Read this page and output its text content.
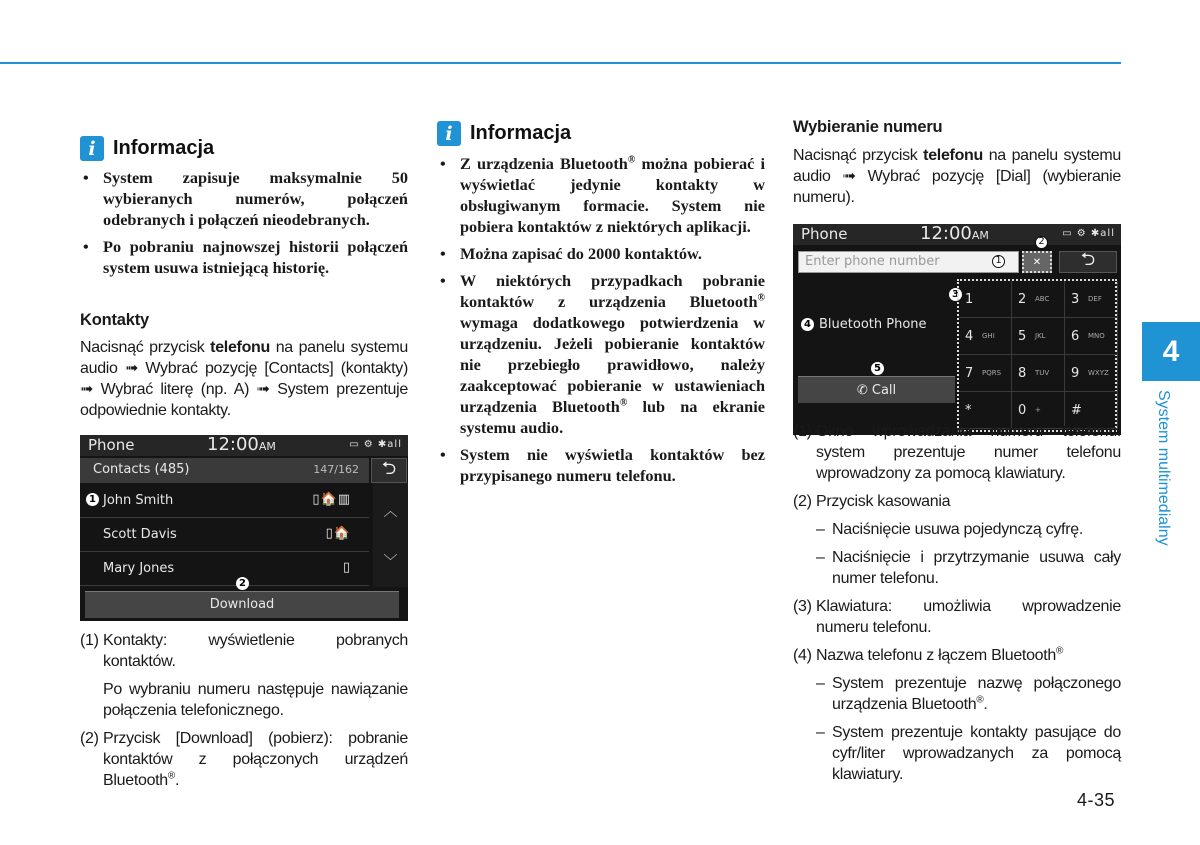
i Informacja
• System zapisuje maksymalnie 50 wybieranych numerów, połączeń odebranych i połączeń nieodebranych.
• Po pobraniu najnowszej historii połączeń system usuwa istniejącą historię.
Kontakty
Nacisnąć przycisk telefonu na panelu systemu audio ➟ Wybrać pozycję [Contacts] (kontakty) ➟ Wybrać literę (np. A) ➟ System prezentuje odpowiednie kontakty.
Phone	12:00AM	▭ ⚙ ✱all
Contacts (485)	147/162	⮌
John Smith	▯🏠▥
Scott Davis	▯🏠
Mary Jones	▯
︿
﹀
Download
1
2
(1) Kontakty: wyświetlenie pobranych kontaktów.
Po wybraniu numeru następuje nawiązanie połączenia telefonicznego.
(2) Przycisk [Download] (pobierz): pobranie kontaktów z połączonych urządzeń Bluetooth®.
i Informacja
• Z urządzenia Bluetooth® można pobierać i wyświetlać jedynie kontakty w obsługiwanym formacie. System nie pobiera kontaktów z niektórych aplikacji.
• Można zapisać do 2000 kontaktów.
• W niektórych przypadkach pobranie kontaktów z urządzenia Bluetooth® wymaga dodatkowego potwierdzenia w urządzeniu. Jeżeli pobieranie kontaktów nie przebiegło prawidłowo, należy zaakceptować pobieranie w ustawieniach urządzenia Bluetooth® lub na ekranie systemu audio.
• System nie wyświetla kontaktów bez przypisanego numeru telefonu.
Wybieranie numeru
Nacisnąć przycisk telefonu na panelu systemu audio ➟ Wybrać pozycję [Dial] (wybieranie numeru).
Phone	12:00AM	▭ ⚙ ✱all
Enter phone number	✕	⮌
1
2
3
4
5
Bluetooth Phone
✆ Call
1	2 ABC 3 DEF
4 GHI 5 JKL 6 MNO
7 PQRS 8 TUV 9 WXYZ
*	0 + #
(1) Okno wprowadzania numeru telefonu: system prezentuje numer telefonu wprowadzony za pomocą klawiatury.
(2) Przycisk kasowania
– Naciśnięcie usuwa pojedynczą cyfrę.
– Naciśnięcie i przytrzymanie usuwa cały numer telefonu.
(3) Klawiatura: umożliwia wprowadzenie numeru telefonu.
(4) Nazwa telefonu z łączem Bluetooth®
– System prezentuje nazwę połączonego urządzenia Bluetooth®.
– System prezentuje kontakty pasujące do cyfr/liter wprowadzanych za pomocą klawiatury.
4
System multimedialny
4-35
